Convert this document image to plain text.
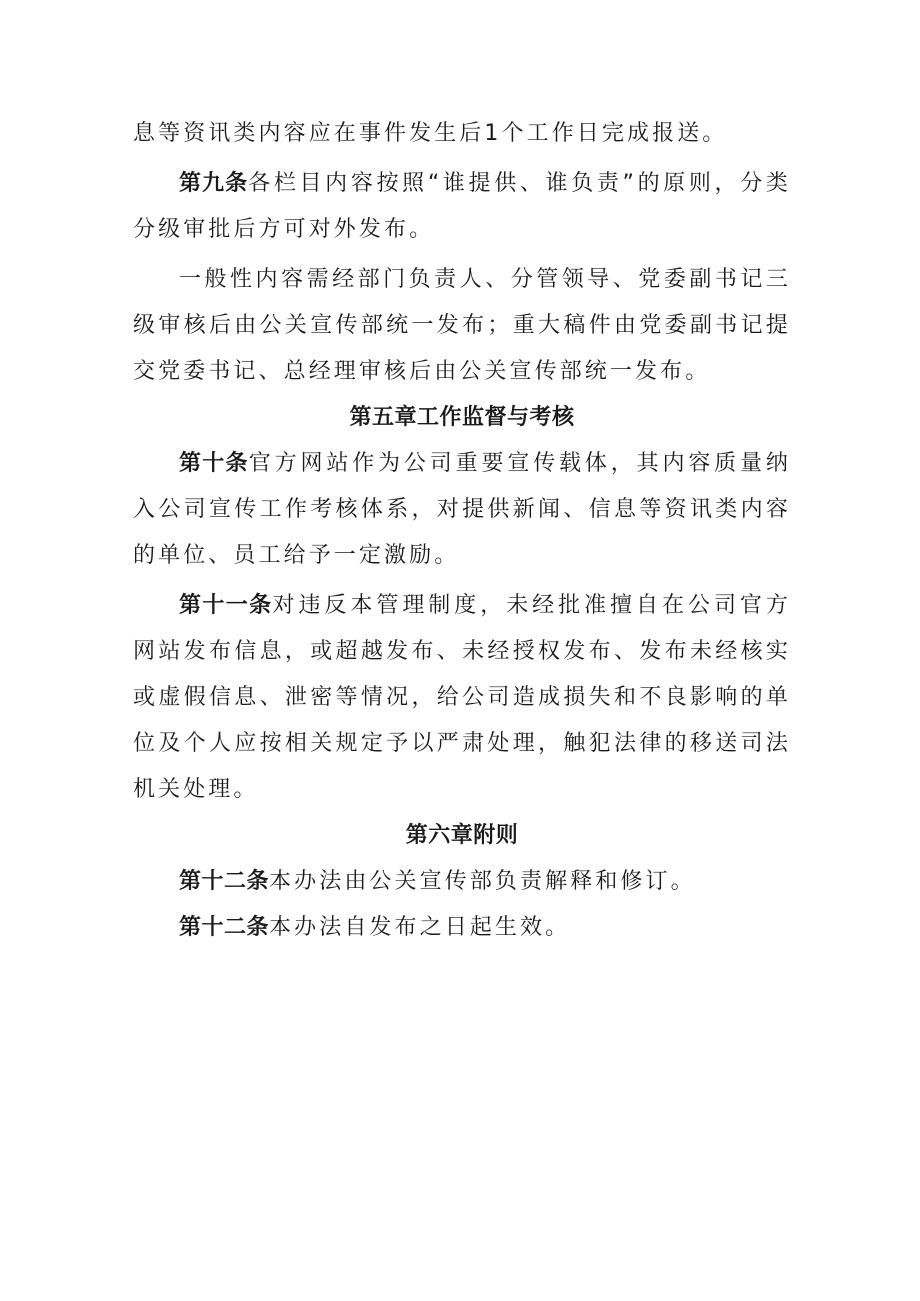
息等资讯类内容应在事件发生后1个工作日完成报送。

第九条各栏目内容按照“谁提供、谁负责”的原则，分类分级审批后方可对外发布。

一般性内容需经部门负责人、分管领导、党委副书记三级审核后由公关宣传部统一发布；重大稿件由党委副书记提交党委书记、总经理审核后由公关宣传部统一发布。

第五章工作监督与考核

第十条官方网站作为公司重要宣传载体，其内容质量纳入公司宣传工作考核体系，对提供新闻、信息等资讯类内容的单位、员工给予一定激励。

第十一条对违反本管理制度，未经批准擅自在公司官方网站发布信息，或超越发布、未经授权发布、发布未经核实或虚假信息、泄密等情况，给公司造成损失和不良影响的单位及个人应按相关规定予以严肃处理，触犯法律的移送司法机关处理。

第六章附则

第十二条本办法由公关宣传部负责解释和修订。

第十二条本办法自发布之日起生效。
